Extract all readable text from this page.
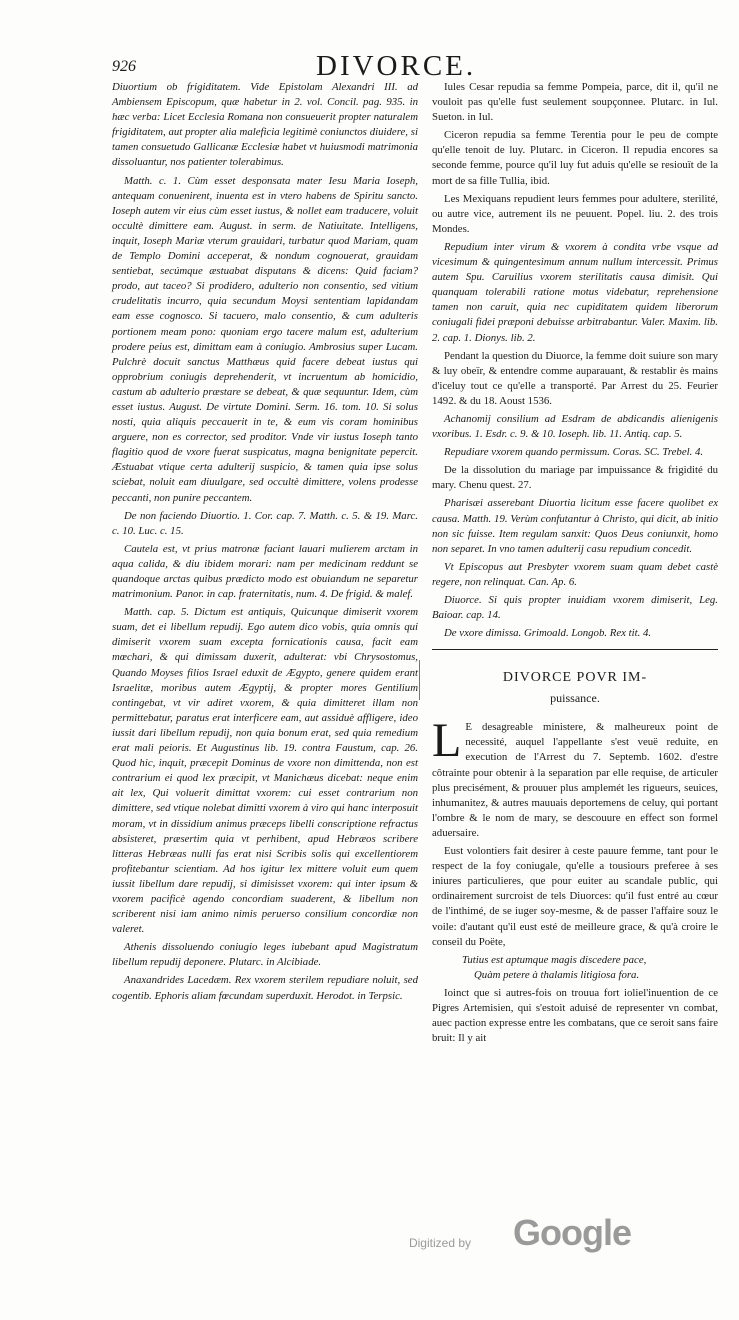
926	DIVORCE.

Diuortium ob frigiditatem. Vide Epistolam Alexandri III. ad Ambiensem Episcopum, quæ habetur in 2. vol. Concil. pag. 935. in hæc verba: Licet Ecclesia Romana non consueuerit propter naturalem frigiditatem, aut propter alia maleficia legitimè coniunctos diuidere, si tamen consuetudo Gallicanæ Ecclesiæ habet vt huiusmodi matrimonia dissoluantur, nos patienter tolerabimus.

Matth. c. 1. Cùm esset desponsata mater Iesu Maria Ioseph, antequam conuenirent, inuenta est in vtero habens de Spiritu sancto. Ioseph autem vir eius cùm esset iustus, & nollet eam traducere, voluit occultè dimittere eam. August. in serm. de Natiuitate. Intelligens, inquit, Ioseph Mariæ vterum grauidari, turbatur quod Mariam, quam de Templo Domini acceperat, & nondum cognouerat, grauidam sentiebat, secúmque æstuabat disputans & dicens: Quid faciam? prodo, aut taceo? Si prodidero, adulterio non consentio, sed vitium crudelitatis incurro, quia secundum Moysi sententiam lapidandam eam esse cognosco. Si tacuero, malo consentio, & cum adulteris portionem meam pono: quoniam ergo tacere malum est, adulterium prodere peius est, dimittam eam à coniugio. Ambrosius super Lucam. Pulchrè docuit sanctus Matthæus quid facere debeat iustus qui opprobrium coniugis deprehenderit, vt incruentum ab homicidio, castum ab adulterio præstare se debeat, & quæ sequuntur. Idem, cùm esset iustus. August. De virtute Domini. Serm. 16. tom. 10. Si solus nosti, quia aliquis peccauerit in te, & eum vis coram hominibus arguere, non es corrector, sed proditor. Vnde vir iustus Ioseph tanto flagitio quod de vxore fuerat suspicatus, magna benignitate pepercit. Æstuabat vtique certa adulterij suspicio, & tamen quia ipse solus sciebat, noluit eam diuulgare, sed occultè dimittere, volens prodesse peccanti, non punire peccantem.

De non faciendo Diuortio. 1. Cor. cap. 7. Matth. c. 5. & 19. Marc. c. 10. Luc. c. 15.

Cautela est, vt prius matronæ faciant lauari mulierem arctam in aqua calida, & diu ibidem morari: nam per medicinam reddunt se quandoque arctas quibus prædicto modo est obuiandum ne separetur matrimonium. Panor. in cap. fraternitatis, num. 4. De frigid. & malef.

Matth. cap. 5. Dictum est antiquis, Quicunque dimiserit vxorem suam, det ei libellum repudij. Ego autem dico vobis, quia omnis qui dimiserit vxorem suam excepta fornicationis causa, facit eam mœchari, & qui dimissam duxerit, adulterat: vbi Chrysostomus, Quando Moyses filios Israel eduxit de Ægypto, genere quidem erant Israelitæ, moribus autem Ægyptij, & propter mores Gentilium contingebat, vt vir adiret vxorem, & quia dimitteret illam non permittebatur, paratus erat interficere eam, aut assiduè affligere, ideo iussit dari libellum repudij, non quia bonum erat, sed quia remedium erat mali peioris. Et Augustinus lib. 19. contra Faustum, cap. 26. Quod hic, inquit, præcepit Dominus de vxore non dimittenda, non est contrarium ei quod lex præcipit, vt Manichæus dicebat: neque enim ait lex, Qui voluerit dimittat vxorem: cui esset contrarium non dimittere, sed vtique nolebat dimitti vxorem à viro qui hanc interposuit moram, vt in dissidium animus præceps libelli conscriptione refractus absisteret, præsertim quia vt perhibent, apud Hebræos scribere litteras Hebræas nulli fas erat nisi Scribis solis qui excellentiorem profitebantur scientiam. Ad hos igitur lex mittere voluit eum quem iussit libellum dare repudij, si dimisisset vxorem: qui inter ipsum & vxorem pacificè agendo concordiam suaderent, & libellum non scriberent nisi iam animo nimis peruerso consilium concordiæ non valeret.

Athenis dissoluendo coniugio leges iubebant apud Magistratum libellum repudij deponere. Plutarc. in Alcibiade.

Anaxandrides Lacedæm. Rex vxorem sterilem repudiare noluit, sed cogentib. Ephoris aliam fœcundam superduxit. Herodot. in Terpsic.

Iules Cesar repudia sa femme Pompeia, parce, dit il, qu'il ne vouloit pas qu'elle fust seulement soupçonnee. Plutarc. in Iul. Sueton. in Iul.

Ciceron repudia sa femme Terentia pour le peu de compte qu'elle tenoit de luy. Plutarc. in Ciceron. Il repudia encores sa seconde femme, pource qu'il luy fut aduis qu'elle se resiouït de la mort de sa fille Tullia, ibid.

Les Mexiquans repudient leurs femmes pour adultere, sterilité, ou autre vice, autrement ils ne peuuent. Popel. liu. 2. des trois Mondes.

Repudium inter virum & vxorem à condita vrbe vsque ad vicesimum & quingentesimum annum nullum intercessit. Primus autem Spu. Caruilius vxorem sterilitatis causa dimisit. Qui quanquam tolerabili ratione motus videbatur, reprehensione tamen non caruit, quia nec cupiditatem quidem liberorum coniugali fidei præponi debuisse arbitrabantur. Valer. Maxim. lib. 2. cap. 1. Dionys. lib. 2.

Pendant la question du Diuorce, la femme doit suiure son mary & luy obeïr, & entendre comme auparauant, & restablir ès mains d'iceluy tout ce qu'elle a transporté. Par Arrest du 25. Feurier 1492. & du 18. Aoust 1536.

Achanomij consilium ad Esdram de abdicandis alienigenis vxoribus. 1. Esdr. c. 9. & 10. Ioseph. lib. 11. Antiq. cap. 5.

Repudiare vxorem quando permissum. Coras. SC. Trebel. 4.

De la dissolution du mariage par impuissance & frigidité du mary. Chenu quest. 27.

Pharisæi asserebant Diuortia licitum esse facere quolibet ex causa. Matth. 19. Verùm confutantur à Christo, qui dicit, ab initio non sic fuisse. Item regulam sanxit: Quos Deus coniunxit, homo non separet. In vno tamen adulterij casu repudium concedit.

Vt Episcopus aut Presbyter vxorem suam quam debet castè regere, non relinquat. Can. Ap. 6.

Diuorce. Si quis propter inuidiam vxorem dimiserit, Leg. Baioar. cap. 14.

De vxore dimissa. Grimoald. Longob. Rex tit. 4.

DIVORCE POVR IM-
puissance.

L E desagreable ministere, & malheureux point de necessité, auquel l'appellante s'est veuë reduite, en execution de l'Arrest du 7. Septemb. 1602. d'estre côtrainte pour obtenir à la separation par elle requise, de articuler plus precisément, & prouuer plus amplemét les rigueurs, seuices, inhumanitez, & autres mauuais deportemens de celuy, qui portant l'ombre & le nom de mary, se descouure en effect son formel aduersaire.

Eust volontiers fait desirer à ceste pauure femme, tant pour le respect de la foy coniugale, qu'elle a tousiours preferee à ses iniures particulieres, que pour euiter au scandale public, qui ordinairement surcroist de tels Diuorces: qu'il fust entré au cœur de l'inthimé, de se iuger soy-mesme, & de passer l'affaire souz le voile: d'autant qu'il eust esté de meilleure grace, & qu'à croire le conseil du Poëte,

Tutius est aptumque magis discedere pace,

Quàm petere à thalamis litigiosa fora.

Ioinct que si autres-fois on trouua fort ioliel'inuention de ce Pigres Artemisien, qui s'estoit aduisé de representer vn combat, auec paction expresse entre les combatans, que ce seroit sans faire bruit: Il y ait

Digitized by Google
